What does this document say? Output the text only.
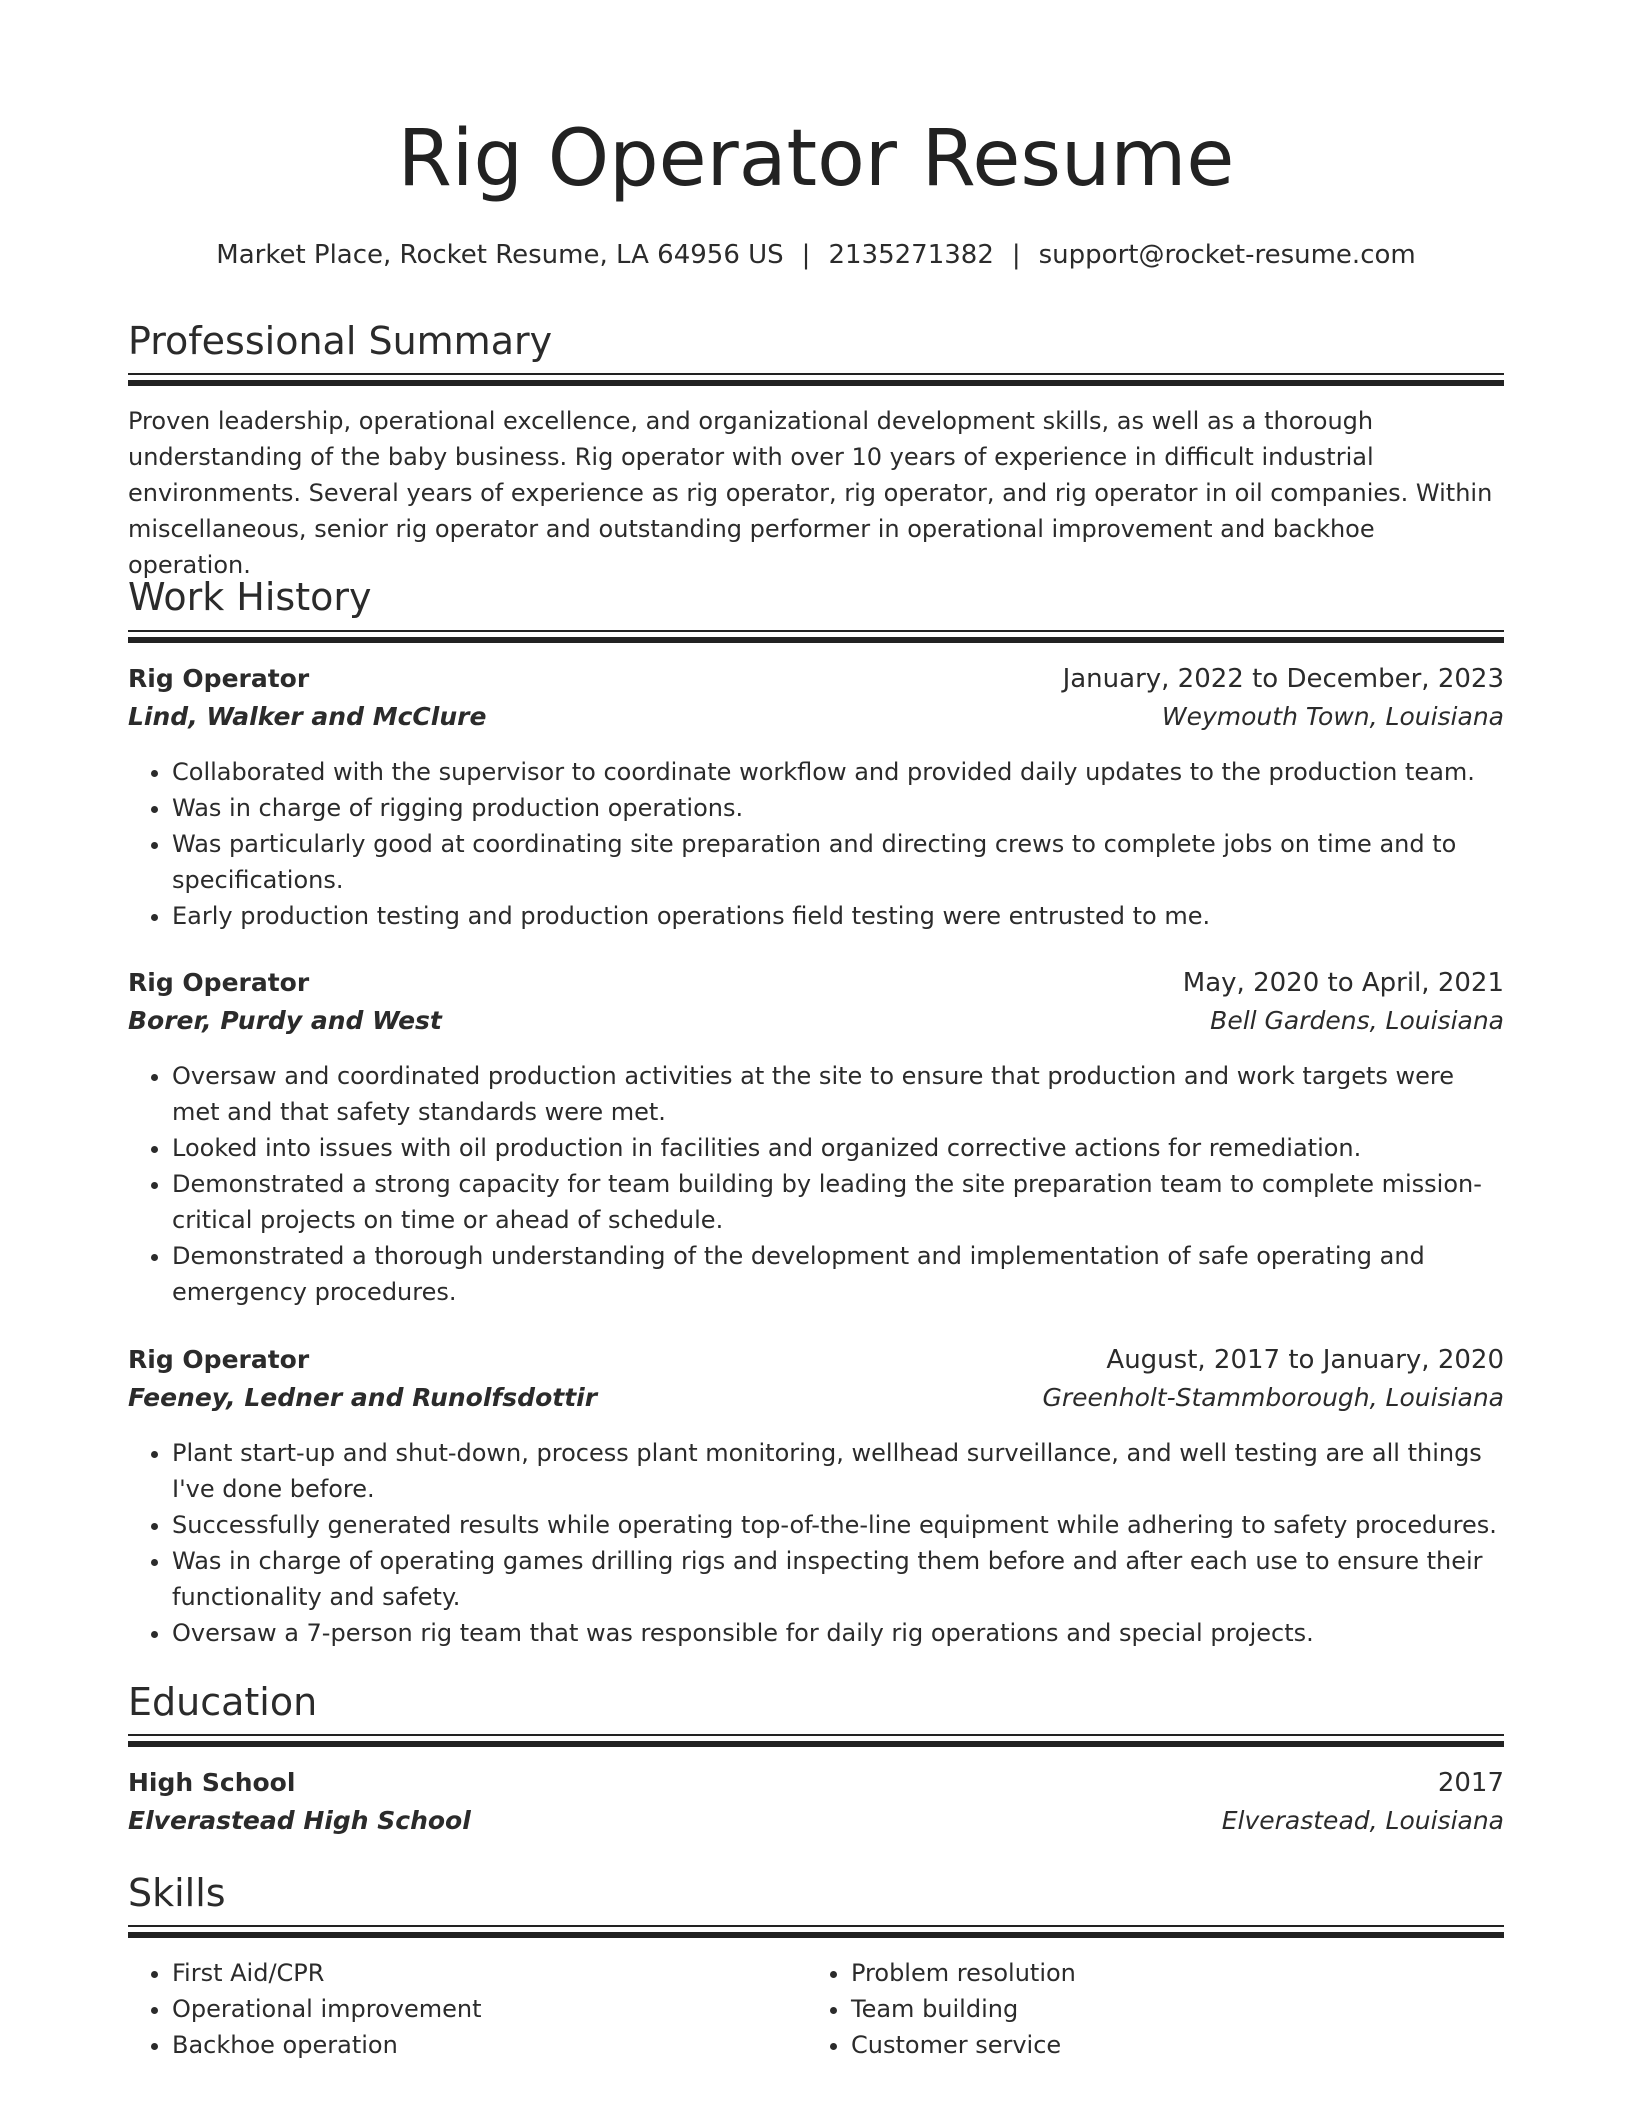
Rig Operator Resume
Market Place, Rocket Resume, LA 64956 US | 2135271382 | support@rocket-resume.com
Professional Summary
Proven leadership, operational excellence, and organizational development skills, as well as a thorough understanding of the baby business. Rig operator with over 10 years of experience in difficult industrial environments. Several years of experience as rig operator, rig operator, and rig operator in oil companies. Within miscellaneous, senior rig operator and outstanding performer in operational improvement and backhoe operation.
Work History
Rig Operator	January, 2022 to December, 2023
Lind, Walker and McClure	Weymouth Town, Louisiana
• Collaborated with the supervisor to coordinate workflow and provided daily updates to the production team.
• Was in charge of rigging production operations.
• Was particularly good at coordinating site preparation and directing crews to complete jobs on time and to specifications.
• Early production testing and production operations field testing were entrusted to me.
Rig Operator	May, 2020 to April, 2021
Borer, Purdy and West	Bell Gardens, Louisiana
• Oversaw and coordinated production activities at the site to ensure that production and work targets were met and that safety standards were met.
• Looked into issues with oil production in facilities and organized corrective actions for remediation.
• Demonstrated a strong capacity for team building by leading the site preparation team to complete mission-critical projects on time or ahead of schedule.
• Demonstrated a thorough understanding of the development and implementation of safe operating and emergency procedures.
Rig Operator	August, 2017 to January, 2020
Feeney, Ledner and Runolfsdottir	Greenholt-Stammborough, Louisiana
• Plant start-up and shut-down, process plant monitoring, wellhead surveillance, and well testing are all things I've done before.
• Successfully generated results while operating top-of-the-line equipment while adhering to safety procedures.
• Was in charge of operating games drilling rigs and inspecting them before and after each use to ensure their functionality and safety.
• Oversaw a 7-person rig team that was responsible for daily rig operations and special projects.
Education
High School	2017
Elverastead High School	Elverastead, Louisiana
Skills
• First Aid/CPR
• Operational improvement
• Backhoe operation
• Problem resolution
• Team building
• Customer service
